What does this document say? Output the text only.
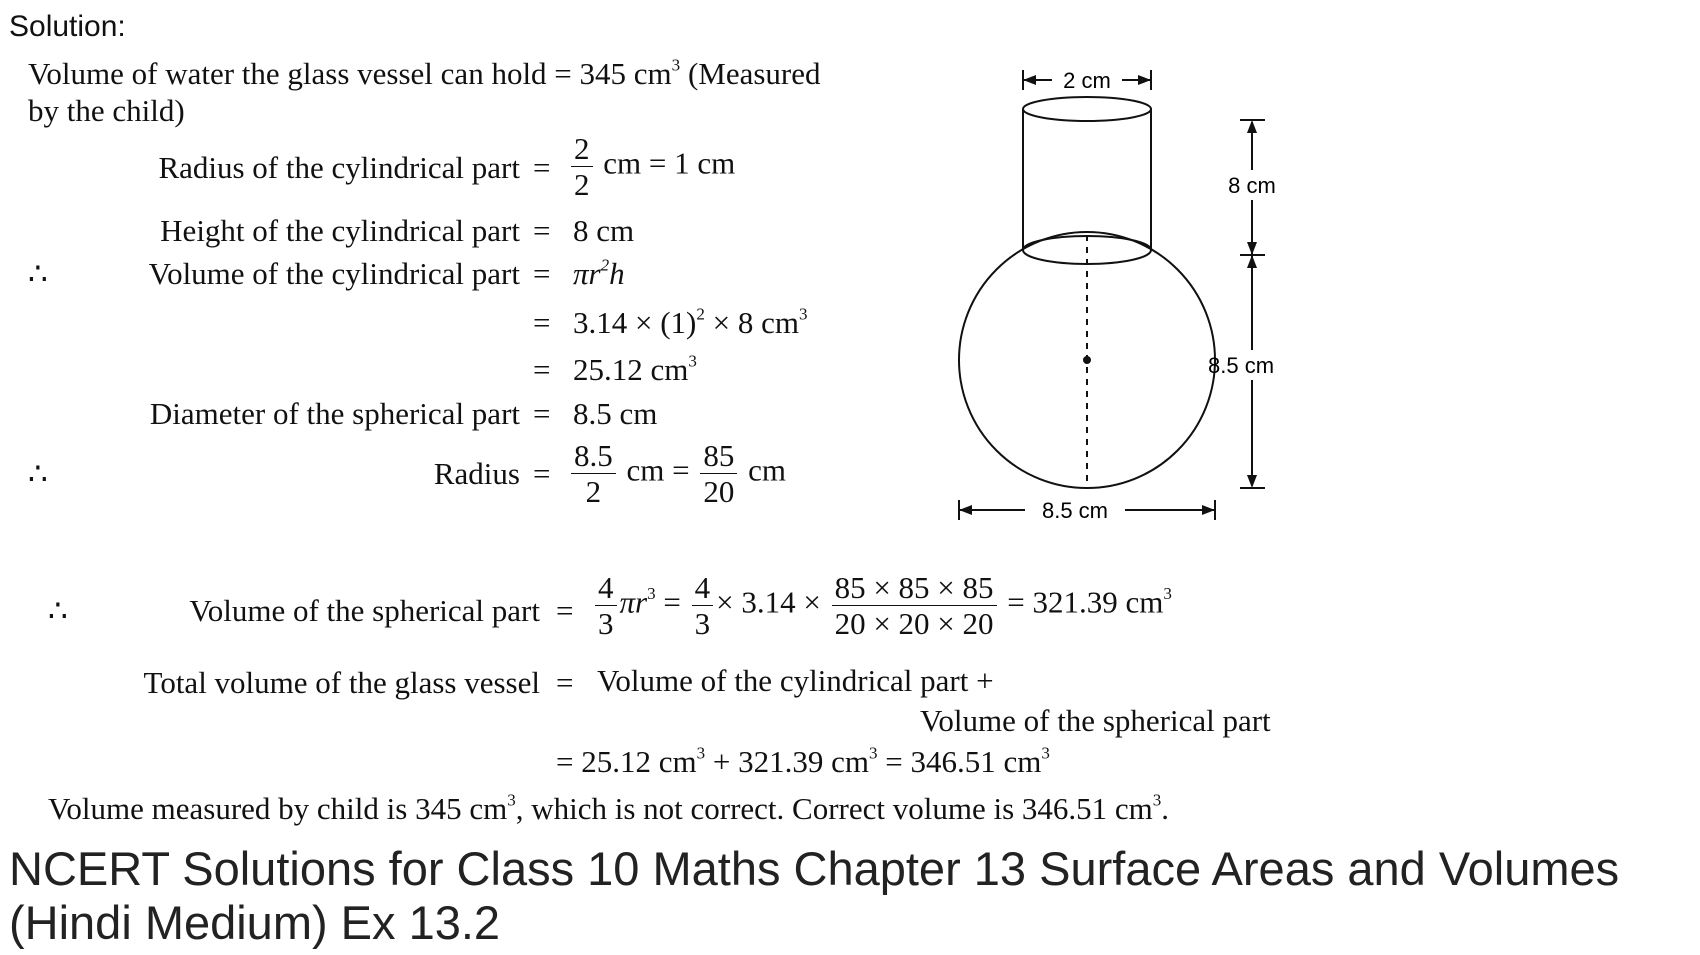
Solution:
Volume of water the glass vessel can hold = 345 $cm^3$ (Measured
by the child)
Radius of the cylindrical part = $\frac{2}{2}$ cm = 1 cm
Height of the cylindrical part = 8 cm
∴	Volume of the cylindrical part = $\pi r^2h$
= $3.14 \times (1)^2 \times 8$ $cm^3$
= 25.12 $cm^3$
Diameter of the spherical part = 8.5 cm
∴	Radius = $\frac{8.5}{2}$ cm = $\frac{85}{20}$ cm
∴	Volume of the spherical part = $\frac{4}{3} \pi r^3 = \frac{4}{3} \times 3.14 \times \frac{85 \times 85 \times 85}{20 \times 20 \times 20} = 321.39$ $cm^3$
Total volume of the glass vessel = Volume of the cylindrical part +
Volume of the spherical part
= 25.12 $cm^3 + 321.39$ $cm^3 = 346.51$ $cm^3$
Volume measured by child is 345 $cm^3$, which is not correct. Correct volume is 346.51 $cm^3$.
2 cm
8 cm
8.5 cm
8.5 cm
NCERT Solutions for Class 10 Maths Chapter 13 Surface Areas and Volumes (Hindi Medium) Ex 13.2
